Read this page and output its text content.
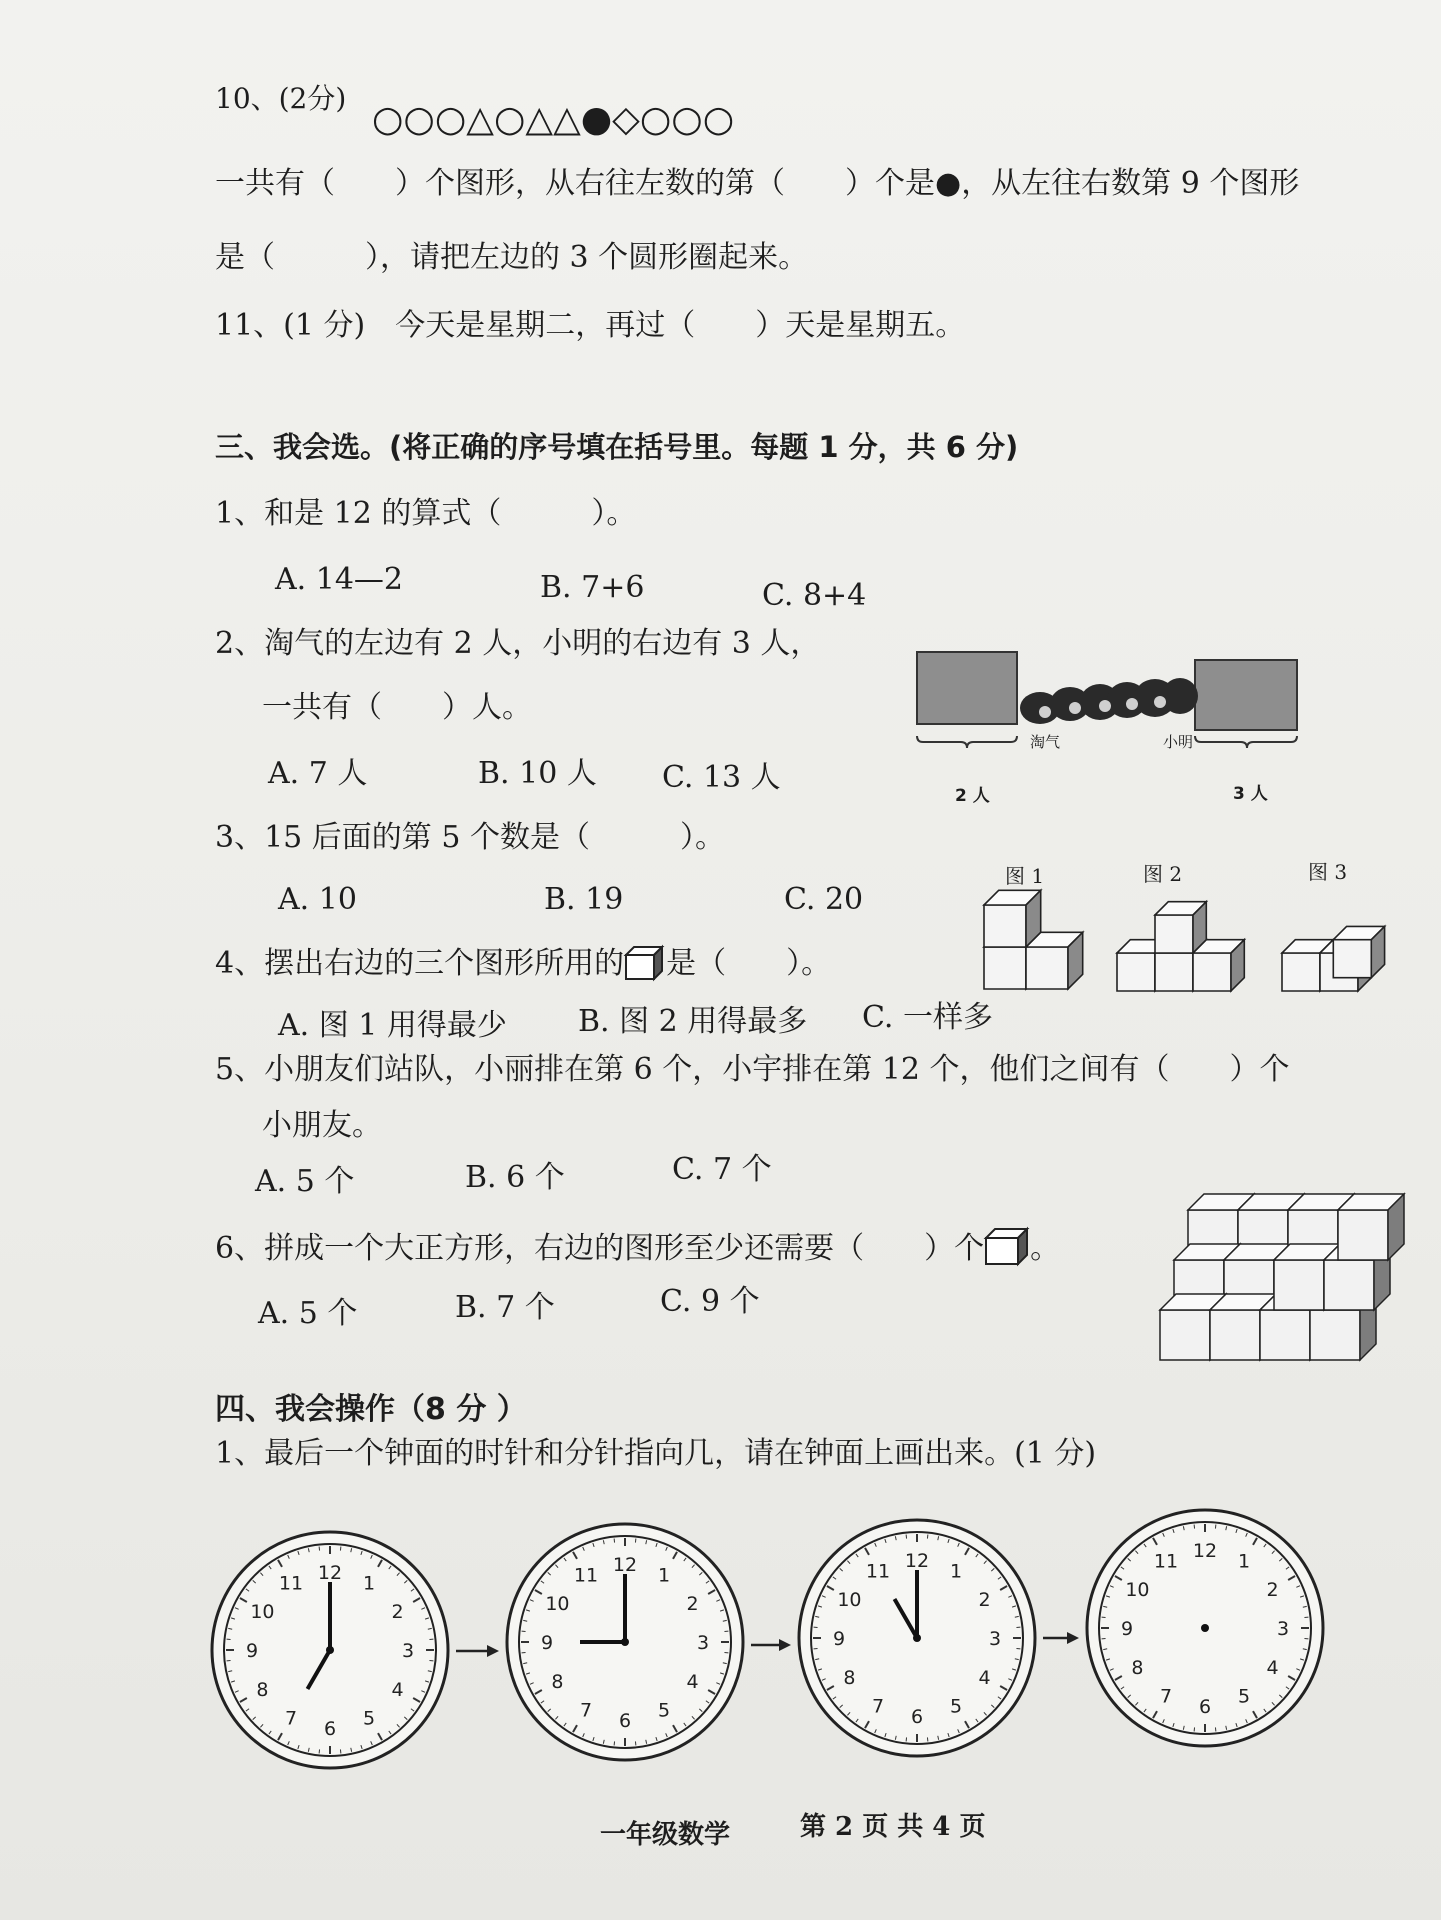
10、(2分)
○○○△○△△●◇○○○
一共有（　　）个图形，从右往左数的第（　　）个是●，从左往右数第 9 个图形
是（　　　），请把左边的 3 个圆形圈起来。
11、(1 分)　今天是星期二，再过（　　）天是星期五。
三、我会选。(将正确的序号填在括号里。每题 1 分，共 6 分)
1、和是 12 的算式（　　　）。
A. 14—2	B. 7+6	C. 8+4
2、淘气的左边有 2 人，小明的右边有 3 人，
一共有（　　）人。
A. 7 人	B. 10 人 C. 13 人
淘气	小明
2 人	3 人
3、15 后面的第 5 个数是（　　　）。
A. 10	B. 19	C. 20
图 1	图 2	图 3
4、摆出右边的三个图形所用的 是（　　）。
A. 图 1 用得最少 B. 图 2 用得最多 C. 一样多
5、小朋友们站队，小丽排在第 6 个，小宇排在第 12 个，他们之间有（　　）个
小朋友。
A. 5 个	B. 6 个	C. 7 个
6、拼成一个大正方形，右边的图形至少还需要（　　）个 。
A. 5 个	B. 7 个	C. 9 个
四、我会操作（8 分 ）
1、最后一个钟面的时针和分针指向几，请在钟面上画出来。(1 分)
12 1
2
3
4
5
6
7
8
9
10
11
12 1
2
3
4
5
6
7
8
9
10
11
12 1
2
3
4
5
6
7
8
9
10
11
12 1
2
3
4
5
6
7
8
9
10
11
一年级数学	第 2 页 共 4 页
